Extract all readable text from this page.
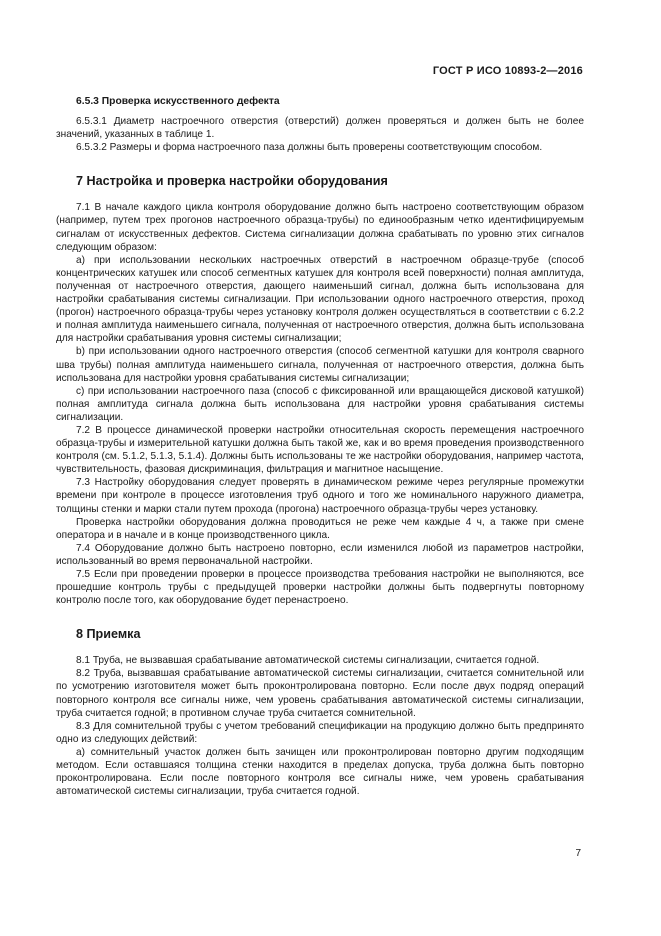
ГОСТ Р ИСО 10893-2—2016
6.5.3 Проверка искусственного дефекта

6.5.3.1 Диаметр настроечного отверстия (отверстий) должен проверяться и должен быть не более значений, указанных в таблице 1.

6.5.3.2 Размеры и форма настроечного паза должны быть проверены соответствующим способом.

7 Настройка и проверка настройки оборудования

7.1 В начале каждого цикла контроля оборудование должно быть настроено соответствующим образом (например, путем трех прогонов настроечного образца-трубы) по единообразным четко идентифицируемым сигналам от искусственных дефектов. Система сигнализации должна срабатывать по уровню этих сигналов следующим образом:

a) при использовании нескольких настроечных отверстий в настроечном образце-трубе (способ концентрических катушек или способ сегментных катушек для контроля всей поверхности) полная амплитуда, полученная от настроечного отверстия, дающего наименьший сигнал, должна быть использована для настройки срабатывания системы сигнализации. При использовании одного настроечного отверстия, проход (прогон) настроечного образца-трубы через установку контроля должен осуществляться в соответствии с 6.2.2 и полная амплитуда наименьшего сигнала, полученная от настроечного отверстия, должна быть использована для настройки срабатывания уровня системы сигнализации;

b) при использовании одного настроечного отверстия (способ сегментной катушки для контроля сварного шва трубы) полная амплитуда наименьшего сигнала, полученная от настроечного отверстия, должна быть использована для настройки уровня срабатывания системы сигнализации;

c) при использовании настроечного паза (способ с фиксированной или вращающейся дисковой катушкой) полная амплитуда сигнала должна быть использована для настройки уровня срабатывания системы сигнализации.

7.2 В процессе динамической проверки настройки относительная скорость перемещения настроечного образца-трубы и измерительной катушки должна быть такой же, как и во время проведения производственного контроля (см. 5.1.2, 5.1.3, 5.1.4). Должны быть использованы те же настройки оборудования, например частота, чувствительность, фазовая дискриминация, фильтрация и магнитное насыщение.

7.3 Настройку оборудования следует проверять в динамическом режиме через регулярные промежутки времени при контроле в процессе изготовления труб одного и того же номинального наружного диаметра, толщины стенки и марки стали путем прохода (прогона) настроечного образца-трубы через установку.

Проверка настройки оборудования должна проводиться не реже чем каждые 4 ч, а также при смене оператора и в начале и в конце производственного цикла.

7.4 Оборудование должно быть настроено повторно, если изменился любой из параметров настройки, использованный во время первоначальной настройки.

7.5 Если при проведении проверки в процессе производства требования настройки не выполняются, все прошедшие контроль трубы с предыдущей проверки настройки должны быть подвергнуты повторному контролю после того, как оборудование будет перенастроено.

8 Приемка

8.1 Труба, не вызвавшая срабатывание автоматической системы сигнализации, считается годной.

8.2 Труба, вызвавшая срабатывание автоматической системы сигнализации, считается сомнительной или по усмотрению изготовителя может быть проконтролирована повторно. Если после двух подряд операций повторного контроля все сигналы ниже, чем уровень срабатывания автоматической системы сигнализации, труба считается годной; в противном случае труба считается сомнительной.

8.3 Для сомнительной трубы с учетом требований спецификации на продукцию должно быть предпринято одно из следующих действий:

a) сомнительный участок должен быть зачищен или проконтролирован повторно другим подходящим методом. Если оставшаяся толщина стенки находится в пределах допуска, труба должна быть повторно проконтролирована. Если после повторного контроля все сигналы ниже, чем уровень срабатывания автоматической системы сигнализации, труба считается годной.

7
